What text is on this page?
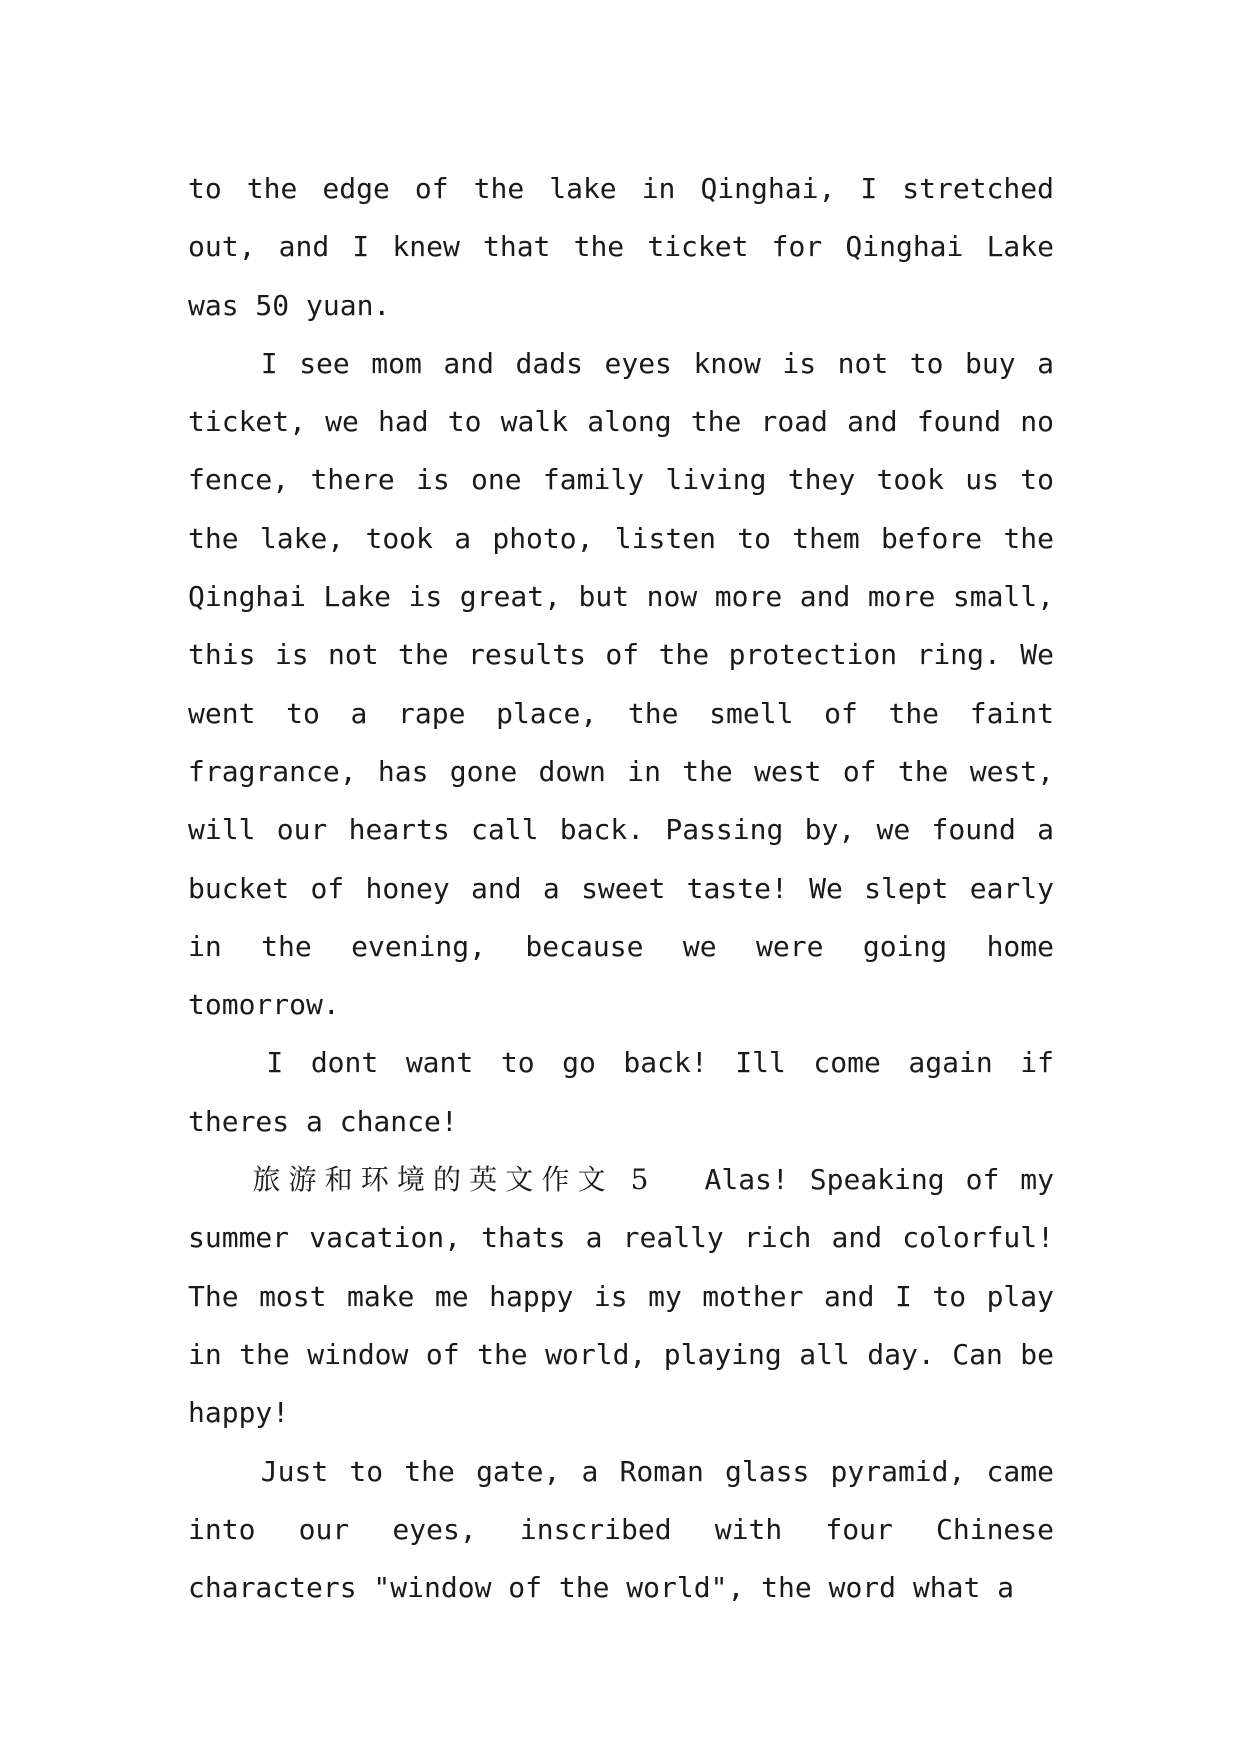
to the edge of the lake in Qinghai, I stretched out, and I knew that the ticket for Qinghai Lake was 50 yuan.

I see mom and dads eyes know is not to buy a ticket, we had to walk along the road and found no fence, there is one family living they took us to the lake, took a photo, listen to them before the Qinghai Lake is great, but now more and more small, this is not the results of the protection ring. We went to a rape place, the smell of the faint fragrance, has gone down in the west of the west, will our hearts call back. Passing by, we found a bucket of honey and a sweet taste! We slept early in the evening, because we were going home tomorrow.

I dont want to go back! Ill come again if theres a chance!

旅游和环境的英文作文 5 Alas! Speaking of my summer vacation, thats a really rich and colorful! The most make me happy is my mother and I to play in the window of the world, playing all day. Can be happy!

Just to the gate, a Roman glass pyramid, came into our eyes, inscribed with four Chinese characters "window of the world", the word what a
